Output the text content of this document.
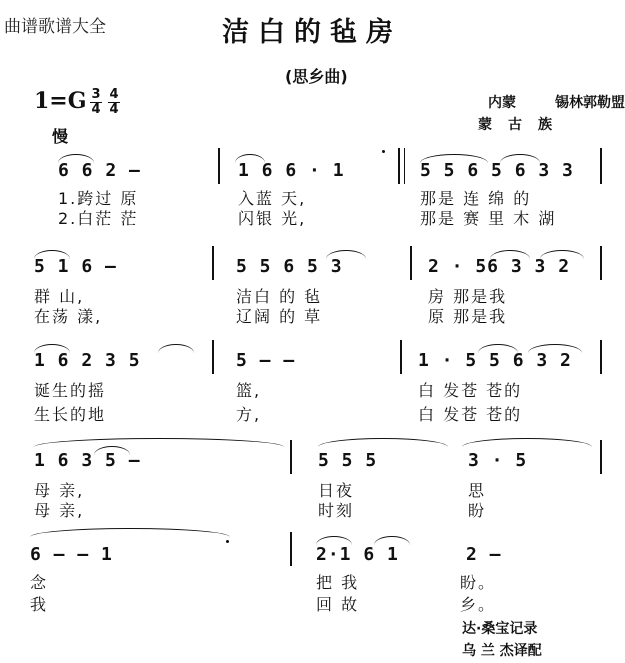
曲谱歌谱大全	洁白的毡房
(思乡曲)
$1=G \frac{3}{4} \frac{4}{4}$
慢
内蒙	锡林郭勒盟
蒙古族
6 6 2 –	1 6 6 · 1	5 5 6 5 6 3 3
1.跨过 原	入蓝 天,	那是 连 绵 的
2.白茫 茫	闪银 光,	那是 赛 里 木 湖
5 1 6 –	5 5 6 5 3	2 · 56 3 3 2
群 山,	洁白 的 毡	房 那是我
在荡 漾,	辽阔 的 草	原 那是我
1 6 2 3 5	5 – –	1 · 5 5 6 3 2
诞生的摇	篮,	白 发苍 苍的
生长的地	方,	白 发苍 苍的
1 6 3 5 –	5 5 5	3 · 5
母 亲,	日夜	思
母 亲,	时刻	盼
6 – – 1	2·1 6 1	2 –
念	把 我	盼。
我	回 故	乡。
达·桑宝记录
乌 兰 杰译配
